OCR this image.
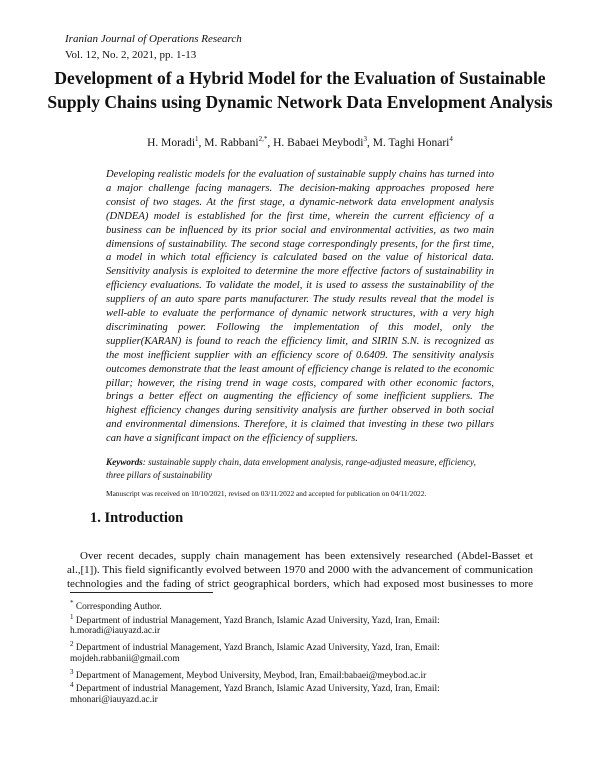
Iranian Journal of Operations Research
Vol. 12, No. 2, 2021, pp. 1-13
Development of a Hybrid Model for the Evaluation of Sustainable
Supply Chains using Dynamic Network Data Envelopment Analysis
H. Moradi$^1$, M. Rabbani$^{2,*}$, H. Babaei Meybodi$^3$, M. Taghi Honari$^4$
Developing realistic models for the evaluation of sustainable supply chains has turned into
a major challenge facing managers. The decision-making approaches proposed here
consist of two stages. At the first stage, a dynamic-network data envelopment analysis
(DNDEA) model is established for the first time, wherein the current efficiency of a
business can be influenced by its prior social and environmental activities, as two main
dimensions of sustainability. The second stage correspondingly presents, for the first time,
a model in which total efficiency is calculated based on the value of historical data.
Sensitivity analysis is exploited to determine the more effective factors of sustainability in
efficiency evaluations. To validate the model, it is used to assess the sustainability of the
suppliers of an auto spare parts manufacturer. The study results reveal that the model is
well-able to evaluate the performance of dynamic network structures, with a very high
discriminating power. Following the implementation of this model, only the
supplier(KARAN) is found to reach the efficiency limit, and SIRIN S.N. is recognized as
the most inefficient supplier with an efficiency score of 0.6409. The sensitivity analysis
outcomes demonstrate that the least amount of efficiency change is related to the economic
pillar; however, the rising trend in wage costs, compared with other economic factors,
brings a better effect on augmenting the efficiency of some inefficient suppliers. The
highest efficiency changes during sensitivity analysis are further observed in both social
and environmental dimensions. Therefore, it is claimed that investing in these two pillars
can have a significant impact on the efficiency of suppliers.
Keywords: sustainable supply chain, data envelopment analysis, range-adjusted measure, efficiency, three pillars of sustainability
Manuscript was received on 10/10/2021, revised on 03/11/2022 and accepted for publication on 04/11/2022.
1. Introduction
Over recent decades, supply chain management has been extensively researched (Abdel-Basset et
al.,[1]). This field significantly evolved between 1970 and 2000 with the advancement of communication
technologies and the fading of strict geographical borders, which had exposed most businesses to more
* Corresponding Author.
$^1$ Department of industrial Management, Yazd Branch, Islamic Azad University, Yazd, Iran, Email:
h.moradi@iauyazd.ac.ir
$^2$ Department of industrial Management, Yazd Branch, Islamic Azad University, Yazd, Iran, Email:
mojdeh.rabbanii@gmail.com
$^3$ Department of Management, Meybod University, Meybod, Iran, Email:babaei@meybod.ac.ir
$^4$ Department of industrial Management, Yazd Branch, Islamic Azad University, Yazd, Iran, Email:
mhonari@iauyazd.ac.ir
